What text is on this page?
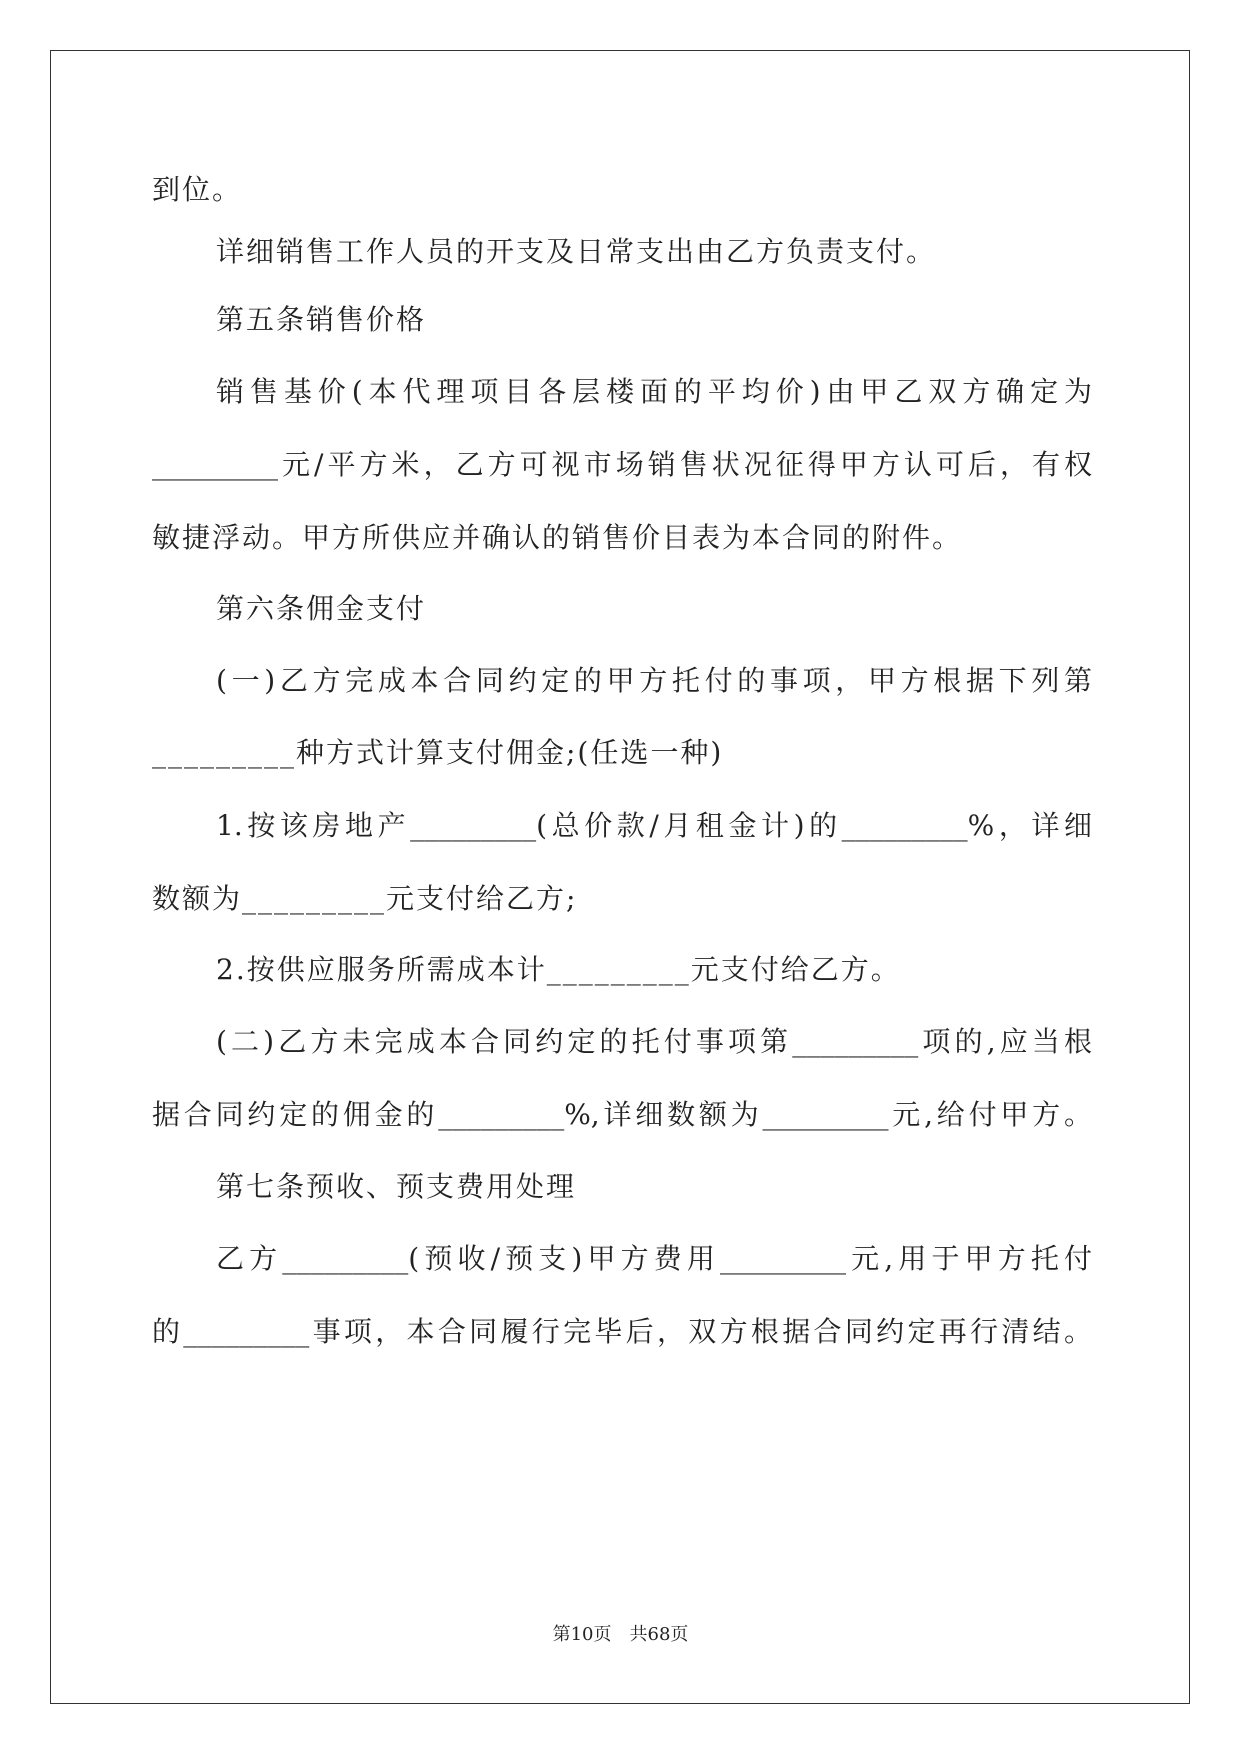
到位。
详细销售工作人员的开支及日常支出由乙方负责支付。
第五条销售价格
销售基价(本代理项目各层楼面的平均价)由甲乙双方确定为
_________元/平方米，乙方可视市场销售状况征得甲方认可后，有权
敏捷浮动。甲方所供应并确认的销售价目表为本合同的附件。
第六条佣金支付
(一)乙方完成本合同约定的甲方托付的事项，甲方根据下列第
_________种方式计算支付佣金;(任选一种)
1.按该房地产_________(总价款/月租金计)的_________%，详细
数额为_________元支付给乙方;
2.按供应服务所需成本计_________元支付给乙方。
(二)乙方未完成本合同约定的托付事项第_________项的,应当根
据合同约定的佣金的_________%,详细数额为_________元,给付甲方。
第七条预收、预支费用处理
乙方_________(预收/预支)甲方费用_________元,用于甲方托付
的_________事项，本合同履行完毕后，双方根据合同约定再行清结。
第10页　共68页
